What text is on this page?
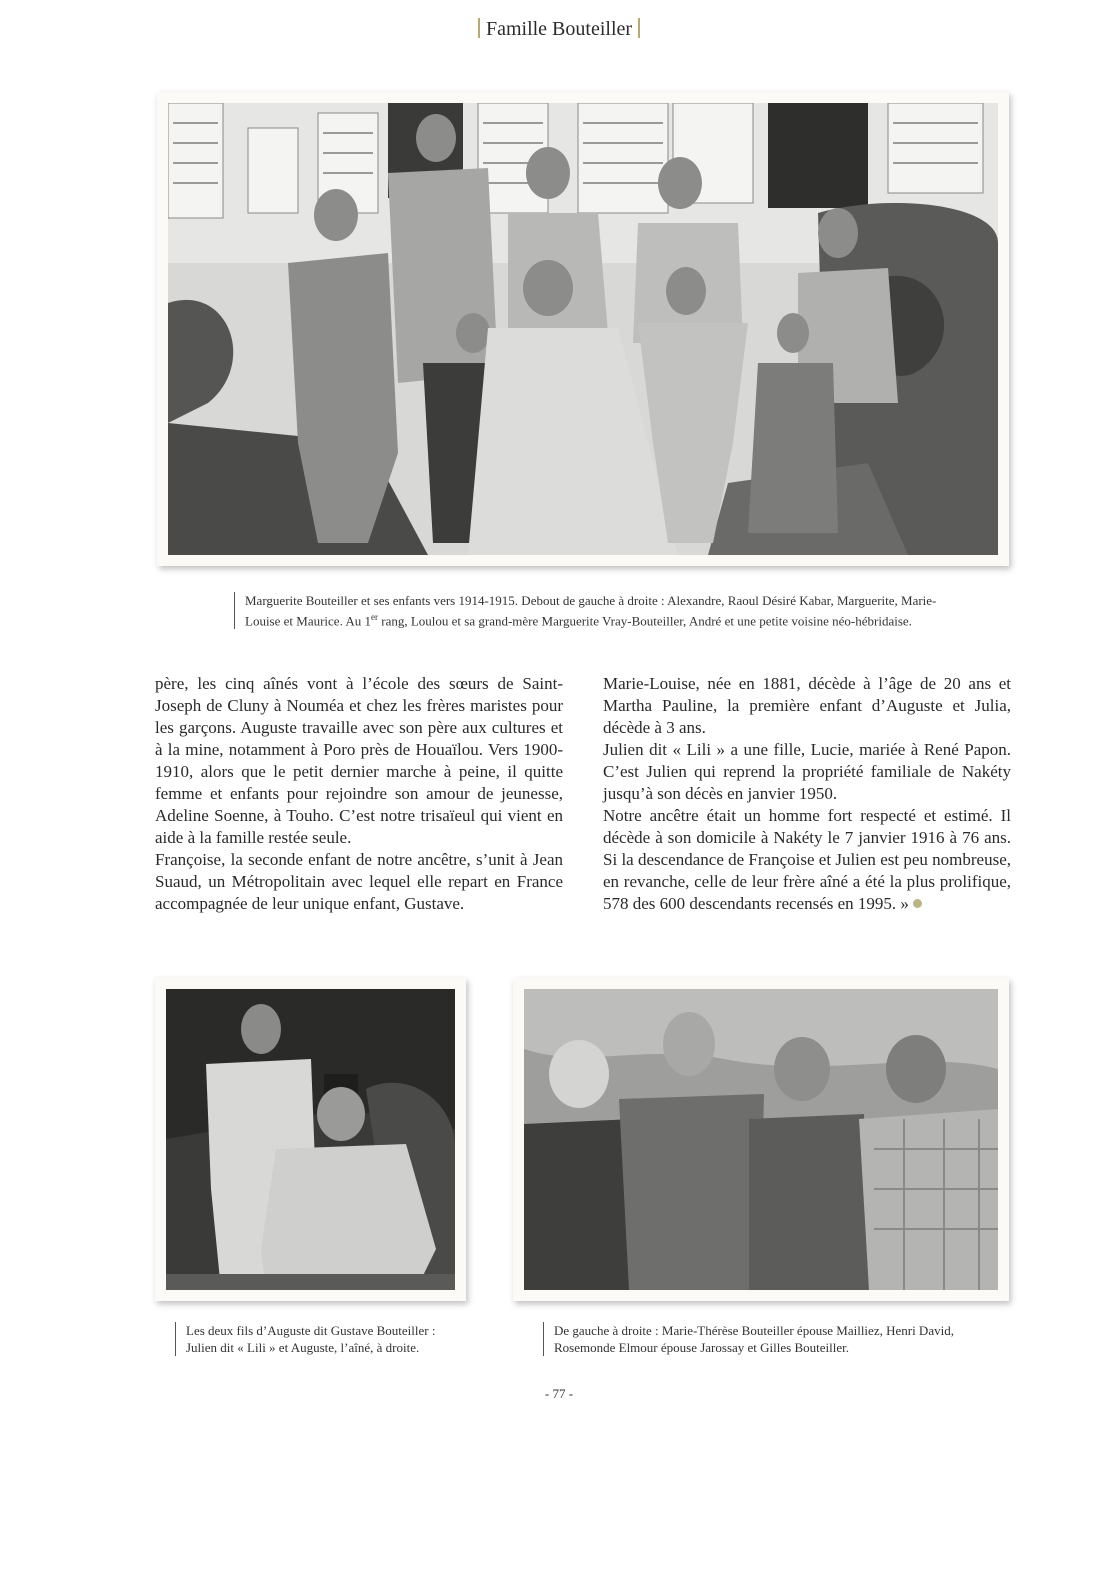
Famille Bouteiller
Marguerite Bouteiller et ses enfants vers 1914-1915. Debout de gauche à droite : Alexandre, Raoul Désiré Kabar, Marguerite, Marie-
Louise et Maurice. Au 1er rang, Loulou et sa grand-mère Marguerite Vray-Bouteiller, André et une petite voisine néo-hébridaise.

père, les cinq aînés vont à l’école des sœurs de Saint-Joseph de Cluny à Nouméa et chez les frères maristes pour les garçons. Auguste travaille avec son père aux cultures et à la mine, notamment à Poro près de Houaïlou. Vers 1900-1910, alors que le petit dernier marche à peine, il quitte femme et enfants pour rejoindre son amour de jeunesse, Adeline Soenne, à Touho. C’est notre trisaïeul qui vient en aide à la famille restée seule.

Françoise, la seconde enfant de notre ancêtre, s’unit à Jean Suaud, un Métropolitain avec lequel elle repart en France accompagnée de leur unique enfant, Gustave.

Marie-Louise, née en 1881, décède à l’âge de 20 ans et Martha Pauline, la première enfant d’Auguste et Julia, décède à 3 ans.

Julien dit « Lili » a une fille, Lucie, mariée à René Papon. C’est Julien qui reprend la propriété familiale de Nakéty jusqu’à son décès en janvier 1950.

Notre ancêtre était un homme fort respecté et estimé. Il décède à son domicile à Nakéty le 7 janvier 1916 à 76 ans. Si la descendance de Françoise et Julien est peu nombreuse, en revanche, celle de leur frère aîné a été la plus prolifique, 578 des 600 descendants recensés en 1995. »

Les deux fils d’Auguste dit Gustave Bouteiller :
Julien dit « Lili » et Auguste, l’aîné, à droite.
De gauche à droite : Marie-Thérèse Bouteiller épouse Mailliez, Henri David,
Rosemonde Elmour épouse Jarossay et Gilles Bouteiller.
- 77 -
